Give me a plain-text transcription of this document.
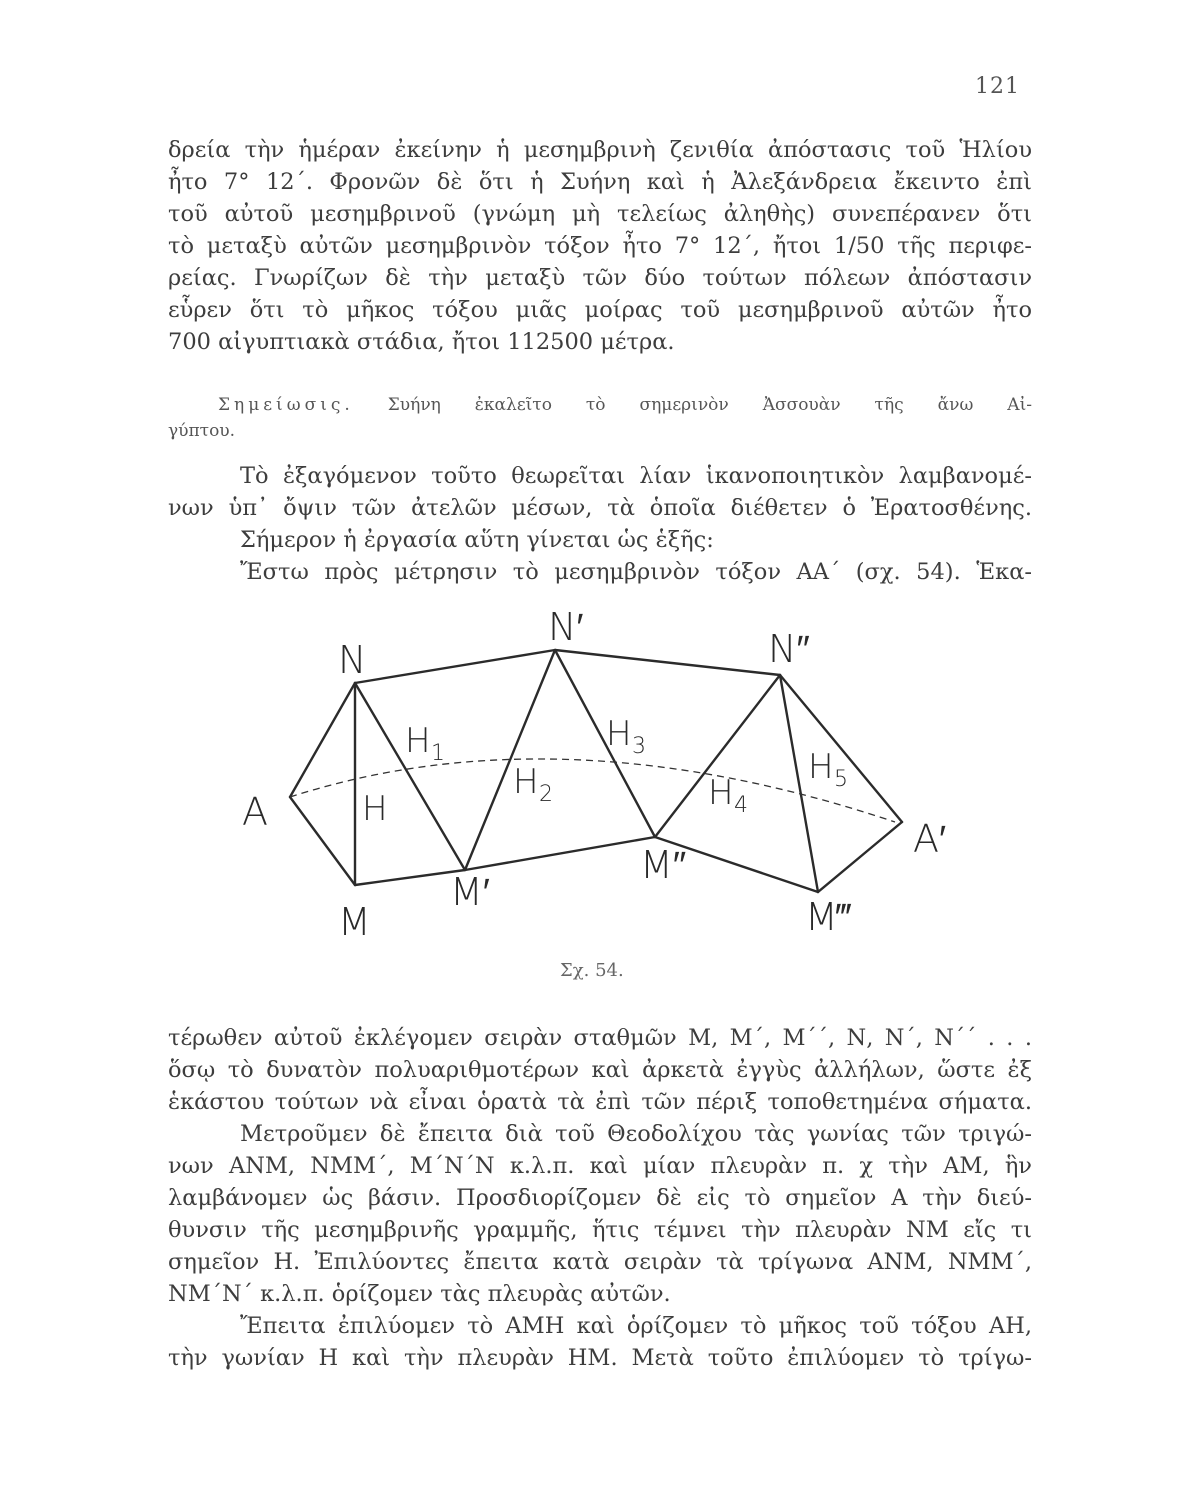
121
δρεία τὴν ἡμέραν ἐκείνην ἡ μεσημβρινὴ ζενιθία ἀπόστασις τοῦ Ἡλίου
ἦτο 7° 12΄. Φρονῶν δὲ ὅτι ἡ Συήνη καὶ ἡ Ἀλεξάνδρεια ἔκειντο ἐπὶ
τοῦ αὐτοῦ μεσημβρινοῦ (γνώμη μὴ τελείως ἀληθὴς) συνεπέρανεν ὅτι
τὸ μεταξὺ αὐτῶν μεσημβρινὸν τόξον ἦτο 7° 12΄, ἤτοι 1/50 τῆς περιφε-
ρείας. Γνωρίζων δὲ τὴν μεταξὺ τῶν δύο τούτων πόλεων ἀπόστασιν
εὗρεν ὅτι τὸ μῆκος τόξου μιᾶς μοίρας τοῦ μεσημβρινοῦ αὐτῶν ἦτο
700 αἰγυπτιακὰ στάδια, ἤτοι 112500 μέτρα.
Σημείωσις. Συήνη ἐκαλεῖτο τὸ σημερινὸν Ἀσσουὰν τῆς ἄνω Αἰ-
γύπτου.
Τὸ ἐξαγόμενον τοῦτο θεωρεῖται λίαν ἱκανοποιητικὸν λαμβανομέ-
νων ὑπ᾿ ὄψιν τῶν ἀτελῶν μέσων, τὰ ὁποῖα διέθετεν ὁ Ἐρατοσθένης.
Σήμερον ἡ ἐργασία αὕτη γίνεται ὡς ἑξῆς:
Ἔστω πρὸς μέτρησιν τὸ μεσημβρινὸν τόξον ΑΑ΄ (σχ. 54). Ἑκα-
N
N′	N″
A
A′
M
M′
M″
M‴
H
H 1
H 2
H 3
H 4
H 5
Σχ. 54.
τέρωθεν αὐτοῦ ἐκλέγομεν σειρὰν σταθμῶν Μ, Μ΄, Μ΄΄, Ν, Ν΄, Ν΄΄ . . .
ὅσῳ τὸ δυνατὸν πολυαριθμοτέρων καὶ ἀρκετὰ ἐγγὺς ἀλλήλων, ὥστε ἐξ
ἑκάστου τούτων νὰ εἶναι ὁρατὰ τὰ ἐπὶ τῶν πέριξ τοποθετημένα σήματα.
Μετροῦμεν δὲ ἔπειτα διὰ τοῦ Θεοδολίχου τὰς γωνίας τῶν τριγώ-
νων ΑΝΜ, ΝΜΜ΄, Μ΄Ν΄Ν κ.λ.π. καὶ μίαν πλευρὰν π. χ τὴν ΑΜ, ἣν
λαμβάνομεν ὡς βάσιν. Προσδιορίζομεν δὲ εἰς τὸ σημεῖον Α τὴν διεύ-
θυνσιν τῆς μεσημβρινῆς γραμμῆς, ἥτις τέμνει τὴν πλευρὰν ΝΜ εἴς τι
σημεῖον Η. Ἐπιλύοντες ἔπειτα κατὰ σειρὰν τὰ τρίγωνα ΑΝΜ, ΝΜΜ΄,
ΝΜ΄Ν΄ κ.λ.π. ὁρίζομεν τὰς πλευρὰς αὐτῶν.
Ἔπειτα ἐπιλύομεν τὸ ΑΜΗ καὶ ὁρίζομεν τὸ μῆκος τοῦ τόξου ΑΗ,
τὴν γωνίαν Η καὶ τὴν πλευρὰν ΗΜ. Μετὰ τοῦτο ἐπιλύομεν τὸ τρίγω-
